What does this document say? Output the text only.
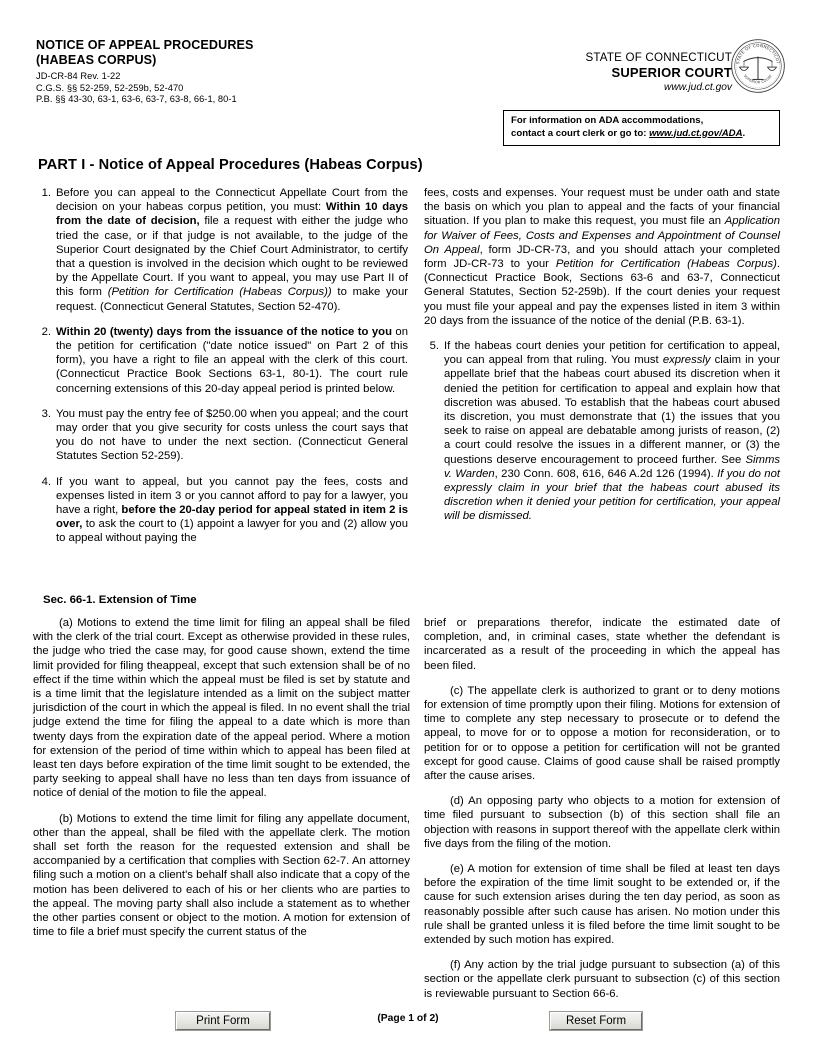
NOTICE OF APPEAL PROCEDURES
(HABEAS CORPUS)
JD-CR-84 Rev. 1-22
C.G.S. §§ 52-259, 52-259b, 52-470
P.B. §§ 43-30, 63-1, 63-6, 63-7, 63-8, 66-1, 80-1
STATE OF CONNECTICUT
SUPERIOR COURT
www.jud.ct.gov
STATE OF CONNECTICUT
SUPERIOR COURT
For information on ADA accommodations,
contact a court clerk or go to: www.jud.ct.gov/ADA.
PART I - Notice of Appeal Procedures (Habeas Corpus)
1. Before you can appeal to the Connecticut Appellate Court from the decision on your habeas corpus petition, you must: Within 10 days from the date of decision, file a request with either the judge who tried the case, or if that judge is not available, to the judge of the Superior Court designated by the Chief Court Administrator, to certify that a question is involved in the decision which ought to be reviewed by the Appellate Court. If you want to appeal, you may use Part II of this form (Petition for Certification (Habeas Corpus)) to make your request. (Connecticut General Statutes, Section 52-470).
2. Within 20 (twenty) days from the issuance of the notice to you on the petition for certification ("date notice issued" on Part 2 of this form), you have a right to file an appeal with the clerk of this court. (Connecticut Practice Book Sections 63-1, 80-1). The court rule concerning extensions of this 20-day appeal period is printed below.
3. You must pay the entry fee of $250.00 when you appeal; and the court may order that you give security for costs unless the court says that you do not have to under the next section. (Connecticut General Statutes Section 52-259).
4. If you want to appeal, but you cannot pay the fees, costs and expenses listed in item 3 or you cannot afford to pay for a lawyer, you have a right, before the 20-day period for appeal stated in item 2 is over, to ask the court to (1) appoint a lawyer for you and (2) allow you to appeal without paying the
fees, costs and expenses. Your request must be under oath and state the basis on which you plan to appeal and the facts of your financial situation. If you plan to make this request, you must file an Application for Waiver of Fees, Costs and Expenses and Appointment of Counsel On Appeal, form JD-CR-73, and you should attach your completed form JD-CR-73 to your Petition for Certification (Habeas Corpus). (Connecticut Practice Book, Sections 63-6 and 63-7, Connecticut General Statutes, Section 52-259b). If the court denies your request you must file your appeal and pay the expenses listed in item 3 within 20 days from the issuance of the notice of the denial (P.B. 63-1).
5. If the habeas court denies your petition for certification to appeal, you can appeal from that ruling. You must expressly claim in your appellate brief that the habeas court abused its discretion when it denied the petition for certification to appeal and explain how that discretion was abused. To establish that the habeas court abused its discretion, you must demonstrate that (1) the issues that you seek to raise on appeal are debatable among jurists of reason, (2) a court could resolve the issues in a different manner, or (3) the questions deserve encouragement to proceed further. See Simms v. Warden, 230 Conn. 608, 616, 646 A.2d 126 (1994). If you do not expressly claim in your brief that the habeas court abused its discretion when it denied your petition for certification, your appeal will be dismissed.
Sec. 66-1. Extension of Time

(a) Motions to extend the time limit for filing an appeal shall be filed with the clerk of the trial court. Except as otherwise provided in these rules, the judge who tried the case may, for good cause shown, extend the time limit provided for filing theappeal, except that such extension shall be of no effect if the time within which the appeal must be filed is set by statute and is a time limit that the legislature intended as a limit on the subject matter jurisdiction of the court in which the appeal is filed. In no event shall the trial judge extend the time for filing the appeal to a date which is more than twenty days from the expiration date of the appeal period. Where a motion for extension of the period of time within which to appeal has been filed at least ten days before expiration of the time limit sought to be extended, the party seeking to appeal shall have no less than ten days from issuance of notice of denial of the motion to file the appeal.

(b) Motions to extend the time limit for filing any appellate document, other than the appeal, shall be filed with the appellate clerk. The motion shall set forth the reason for the requested extension and shall be accompanied by a certification that complies with Section 62-7. An attorney filing such a motion on a client's behalf shall also indicate that a copy of the motion has been delivered to each of his or her clients who are parties to the appeal. The moving party shall also include a statement as to whether the other parties consent or object to the motion. A motion for extension of time to file a brief must specify the current status of the

brief or preparations therefor, indicate the estimated date of completion, and, in criminal cases, state whether the defendant is incarcerated as a result of the proceeding in which the appeal has been filed.

(c) The appellate clerk is authorized to grant or to deny motions for extension of time promptly upon their filing. Motions for extension of time to complete any step necessary to prosecute or to defend the appeal, to move for or to oppose a motion for reconsideration, or to petition for or to oppose a petition for certification will not be granted except for good cause. Claims of good cause shall be raised promptly after the cause arises.

(d) An opposing party who objects to a motion for extension of time filed pursuant to subsection (b) of this section shall file an objection with reasons in support thereof with the appellate clerk within five days from the filing of the motion.

(e) A motion for extension of time shall be filed at least ten days before the expiration of the time limit sought to be extended or, if the cause for such extension arises during the ten day period, as soon as reasonably possible after such cause has arisen. No motion under this rule shall be granted unless it is filed before the time limit sought to be extended by such motion has expired.

(f) Any action by the trial judge pursuant to subsection (a) of this section or the appellate clerk pursuant to subsection (c) of this section is reviewable pursuant to Section 66-6.

Print Form	(Page 1 of 2)	Reset Form
